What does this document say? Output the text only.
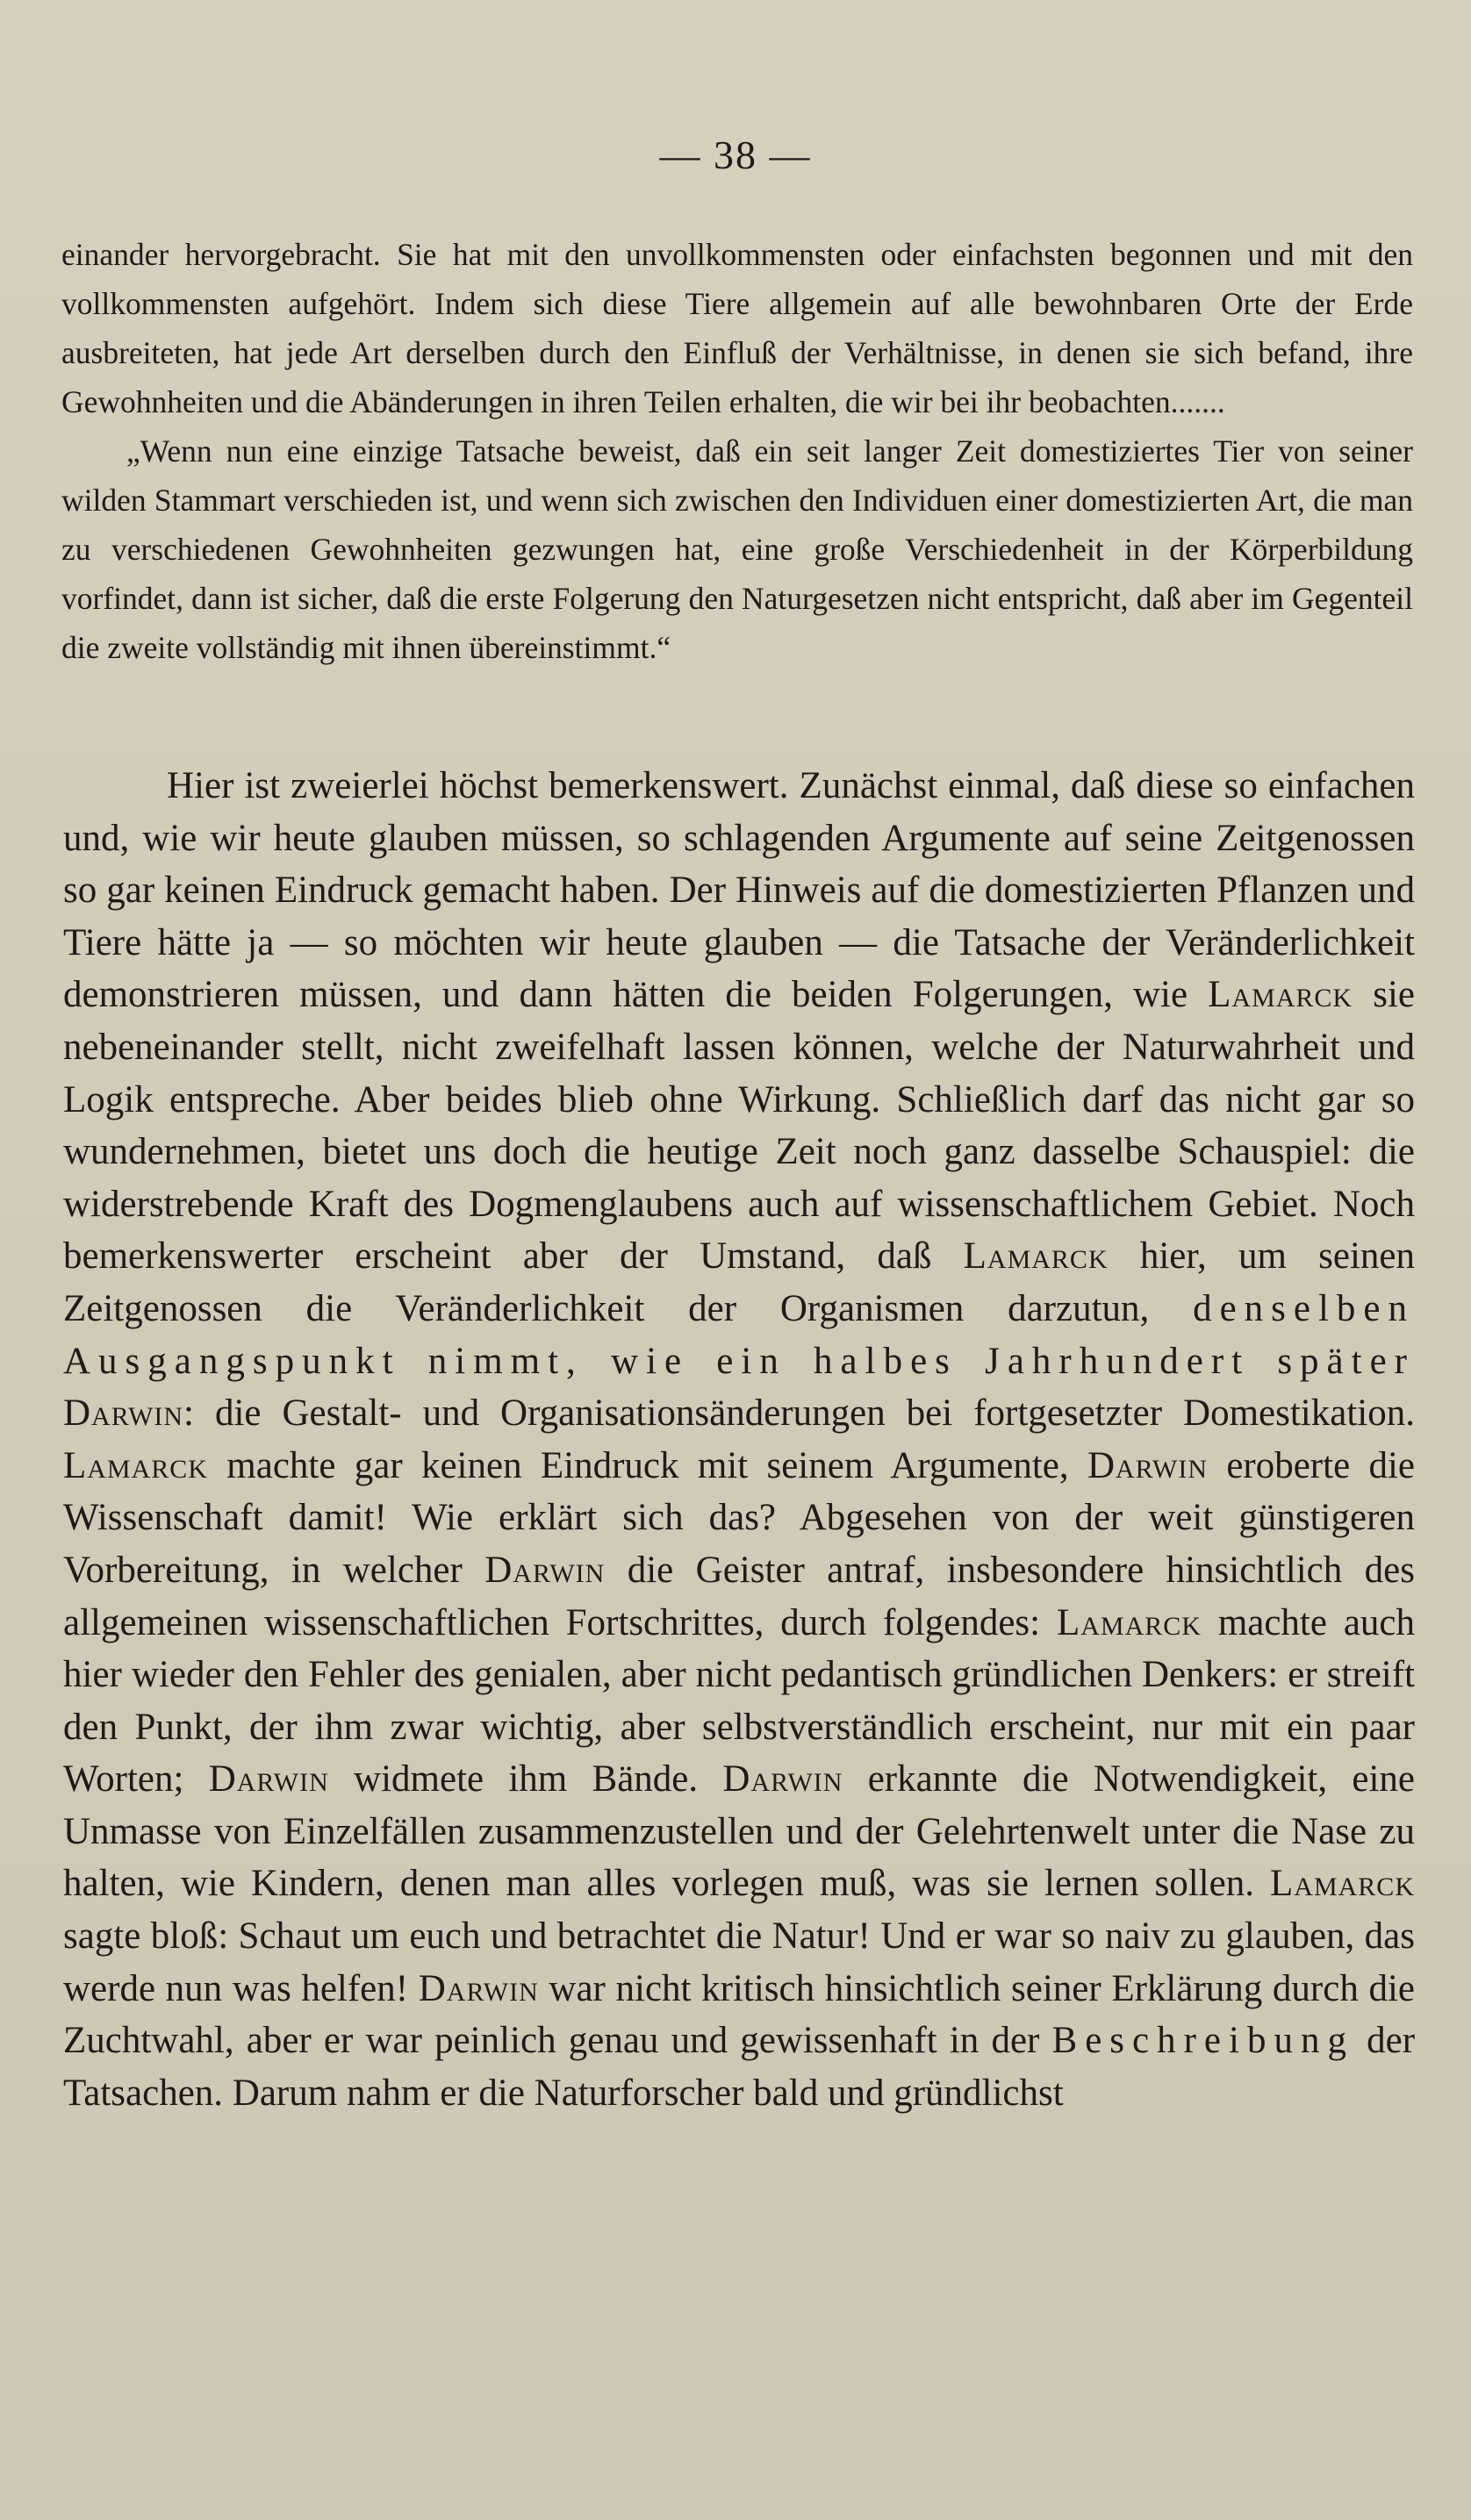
— 38 —

einander hervorgebracht. Sie hat mit den unvollkommensten oder einfachsten begonnen und mit den vollkommensten aufgehört. Indem sich diese Tiere allgemein auf alle bewohnbaren Orte der Erde ausbreiteten, hat jede Art derselben durch den Einfluß der Verhältnisse, in denen sie sich befand, ihre Gewohnheiten und die Abänderungen in ihren Teilen erhalten, die wir bei ihr beobachten.......

„Wenn nun eine einzige Tatsache beweist, daß ein seit langer Zeit domestiziertes Tier von seiner wilden Stammart verschieden ist, und wenn sich zwischen den Individuen einer domestizierten Art, die man zu verschiedenen Gewohnheiten gezwungen hat, eine große Verschiedenheit in der Körperbildung vorfindet, dann ist sicher, daß die erste Folgerung den Naturgesetzen nicht entspricht, daß aber im Gegenteil die zweite vollständig mit ihnen übereinstimmt.“

Hier ist zweierlei höchst bemerkenswert. Zunächst einmal, daß diese so einfachen und, wie wir heute glauben müssen, so schlagenden Argumente auf seine Zeitgenossen so gar keinen Eindruck gemacht haben. Der Hinweis auf die domestizierten Pflanzen und Tiere hätte ja — so möchten wir heute glauben — die Tatsache der Veränderlichkeit demonstrieren müssen, und dann hätten die beiden Folgerungen, wie Lamarck sie nebeneinander stellt, nicht zweifelhaft lassen können, welche der Naturwahrheit und Logik entspreche. Aber beides blieb ohne Wirkung. Schließlich darf das nicht gar so wundernehmen, bietet uns doch die heutige Zeit noch ganz dasselbe Schauspiel: die widerstrebende Kraft des Dogmenglaubens auch auf wissenschaftlichem Gebiet. Noch bemerkenswerter erscheint aber der Umstand, daß Lamarck hier, um seinen Zeitgenossen die Veränderlichkeit der Organismen darzutun, denselben Ausgangspunkt nimmt, wie ein halbes Jahrhundert später Darwin: die Gestalt- und Organisationsänderungen bei fortgesetzter Domestikation. Lamarck machte gar keinen Eindruck mit seinem Argumente, Darwin eroberte die Wissenschaft damit! Wie erklärt sich das? Abgesehen von der weit günstigeren Vorbereitung, in welcher Darwin die Geister antraf, insbesondere hinsichtlich des allgemeinen wissenschaftlichen Fortschrittes, durch folgendes: Lamarck machte auch hier wieder den Fehler des genialen, aber nicht pedantisch gründlichen Denkers: er streift den Punkt, der ihm zwar wichtig, aber selbstverständlich erscheint, nur mit ein paar Worten; Darwin widmete ihm Bände. Darwin erkannte die Notwendigkeit, eine Unmasse von Einzelfällen zusammenzustellen und der Gelehrtenwelt unter die Nase zu halten, wie Kindern, denen man alles vorlegen muß, was sie lernen sollen. Lamarck sagte bloß: Schaut um euch und betrachtet die Natur! Und er war so naiv zu glauben, das werde nun was helfen! Darwin war nicht kritisch hinsichtlich seiner Erklärung durch die Zuchtwahl, aber er war peinlich genau und gewissenhaft in der Beschreibung der Tatsachen. Darum nahm er die Naturforscher bald und gründlichst
